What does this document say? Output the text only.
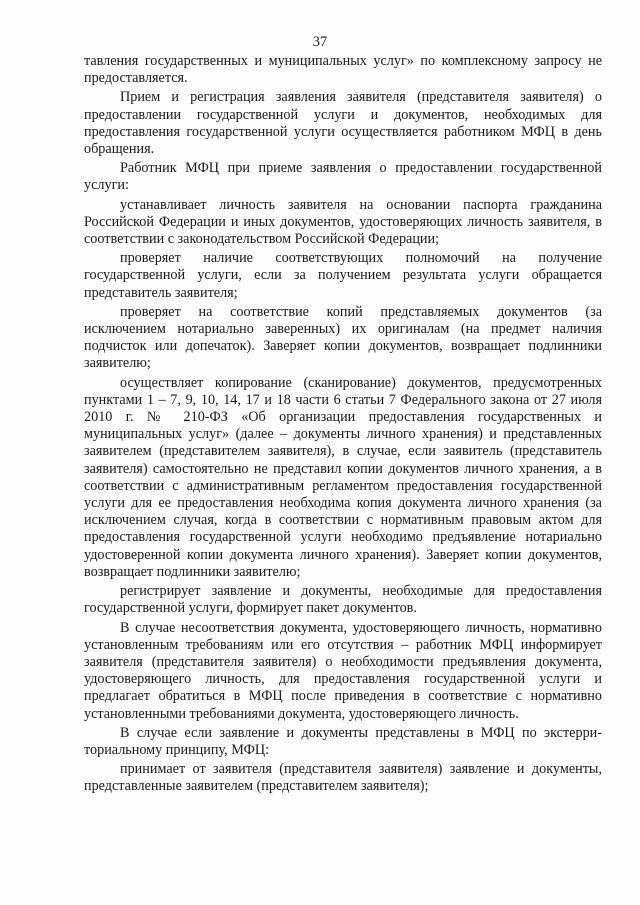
37

тавления государственных и муниципальных услуг» по комплексному запросу не предоставляется.

Прием и регистрация заявления заявителя (представителя заявителя) о предоставлении государственной услуги и документов, необходимых для предоставления государственной услуги осуществляется работником МФЦ в день обращения.

Работник МФЦ при приеме заявления о предоставлении государственной услуги:

устанавливает личность заявителя на основании паспорта гражданина Российской Федерации и иных документов, удостоверяющих личность заявителя, в соответствии с законодательством Российской Федерации;

проверяет наличие соответствующих полномочий на получение государственной услуги, если за получением результата услуги обращается представитель заявителя;

проверяет на соответствие копий представляемых документов (за исключением нотариально заверенных) их оригиналам (на предмет наличия подчисток или допечаток). Заверяет копии документов, возвращает подлинники заявителю;

осуществляет копирование (сканирование) документов, предусмотренных пунктами 1 – 7, 9, 10, 14, 17 и 18 части 6 статьи 7 Федерального закона от 27 июля 2010 г. № 210-ФЗ «Об организации предоставления государственных и муниципальных услуг» (далее – документы личного хранения) и представленных заявителем (представителем заявителя), в случае, если заявитель (представитель заявителя) самостоятельно не представил копии документов личного хранения, а в соответствии с административным регламентом предоставления государственной услуги для ее предоставления необходима копия документа личного хранения (за исключением случая, когда в соответствии с нормативным правовым актом для предоставления государственной услуги необходимо предъявление нотариально удостоверенной копии документа личного хранения). Заверяет копии документов, возвращает подлинники заявителю;

регистрирует заявление и документы, необходимые для предоставления государственной услуги, формирует пакет документов.

В случае несоответствия документа, удостоверяющего личность, нормативно установленным требованиям или его отсутствия – работник МФЦ информирует заявителя (представителя заявителя) о необходимости предъявления документа, удостоверяющего личность, для предоставления государственной услуги и предлагает обратиться в МФЦ после приведения в соответствие с нормативно установленными требованиями документа, удостоверяющего личность.

В случае если заявление и документы представлены в МФЦ по экстерриториальному принципу, МФЦ:

принимает от заявителя (представителя заявителя) заявление и документы, представленные заявителем (представителем заявителя);
